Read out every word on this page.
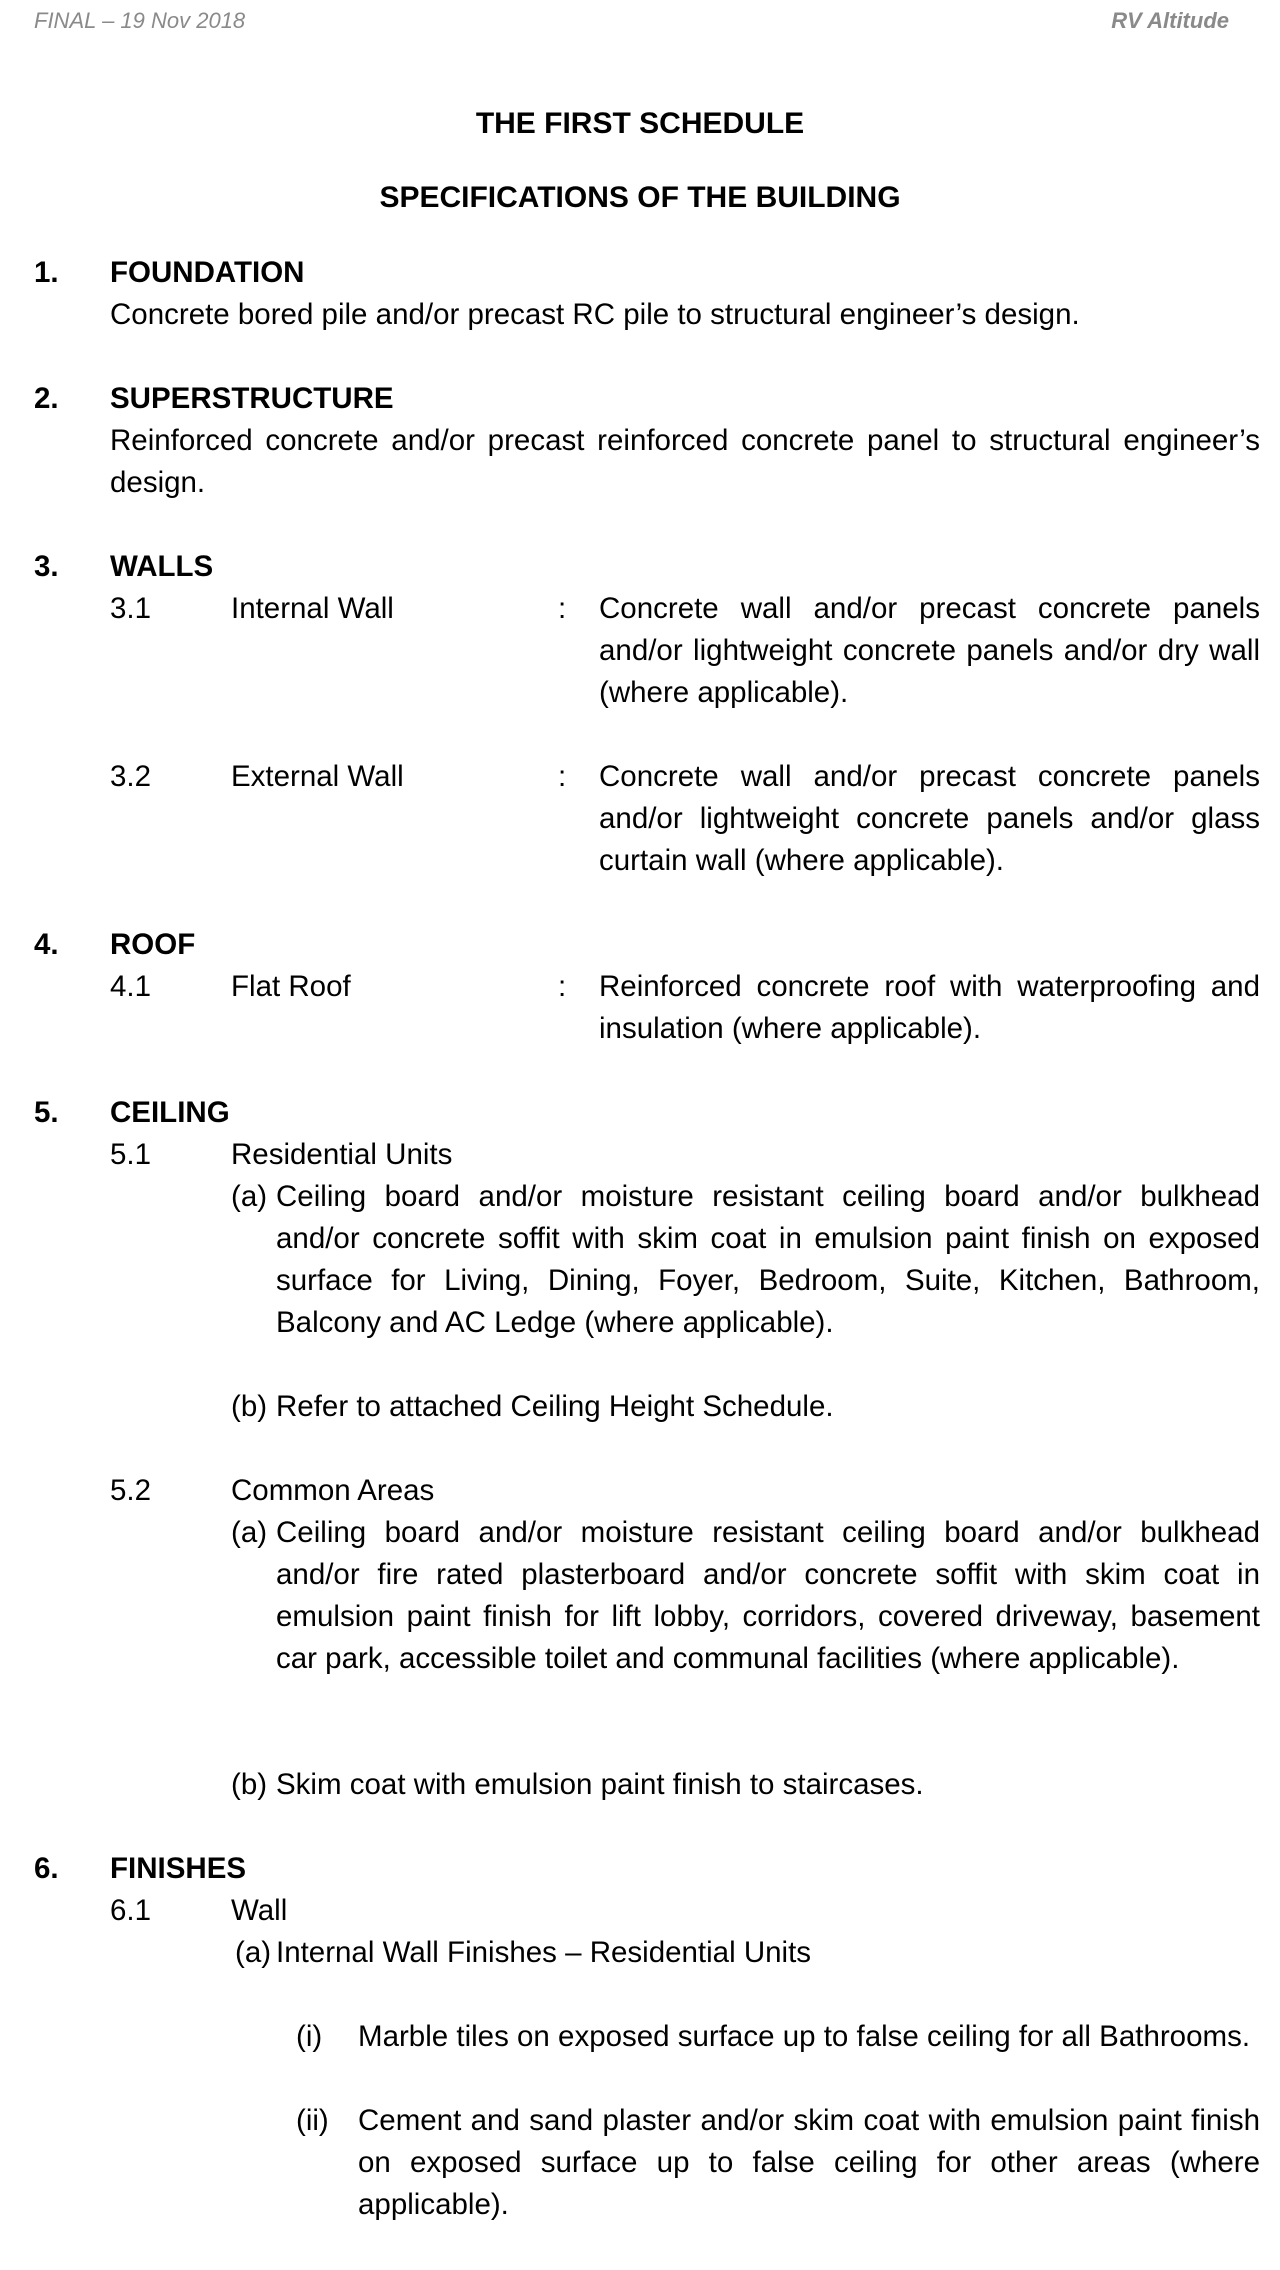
FINAL – 19 Nov 2018	RV Altitude
THE FIRST SCHEDULE
SPECIFICATIONS OF THE BUILDING
1. FOUNDATION
Concrete bored pile and/or precast RC pile to structural engineer’s design.
2. SUPERSTRUCTURE
Reinforced concrete and/or precast reinforced concrete panel to structural engineer’s design.
3. WALLS
3.1	Internal Wall	: Concrete wall and/or precast concrete panels and/or lightweight concrete panels and/or dry wall (where applicable).
3.2	External Wall	: Concrete wall and/or precast concrete panels and/or lightweight concrete panels and/or glass curtain wall (where applicable).
4. ROOF
4.1	Flat Roof	: Reinforced concrete roof with waterproofing and insulation (where applicable).
5. CEILING
5.1	Residential Units
(a) Ceiling board and/or moisture resistant ceiling board and/or bulkhead and/or concrete soffit with skim coat in emulsion paint finish on exposed surface for Living, Dining, Foyer, Bedroom, Suite, Kitchen, Bathroom, Balcony and AC Ledge (where applicable).
(b) Refer to attached Ceiling Height Schedule.
5.2	Common Areas
(a) Ceiling board and/or moisture resistant ceiling board and/or bulkhead and/or fire rated plasterboard and/or concrete soffit with skim coat in emulsion paint finish for lift lobby, corridors, covered driveway, basement car park, accessible toilet and communal facilities (where applicable).
(b) Skim coat with emulsion paint finish to staircases.
6. FINISHES
6.1	Wall
(a) Internal Wall Finishes – Residential Units
(i) Marble tiles on exposed surface up to false ceiling for all Bathrooms.
(ii) Cement and sand plaster and/or skim coat with emulsion paint finish on exposed surface up to false ceiling for other areas (where applicable).
